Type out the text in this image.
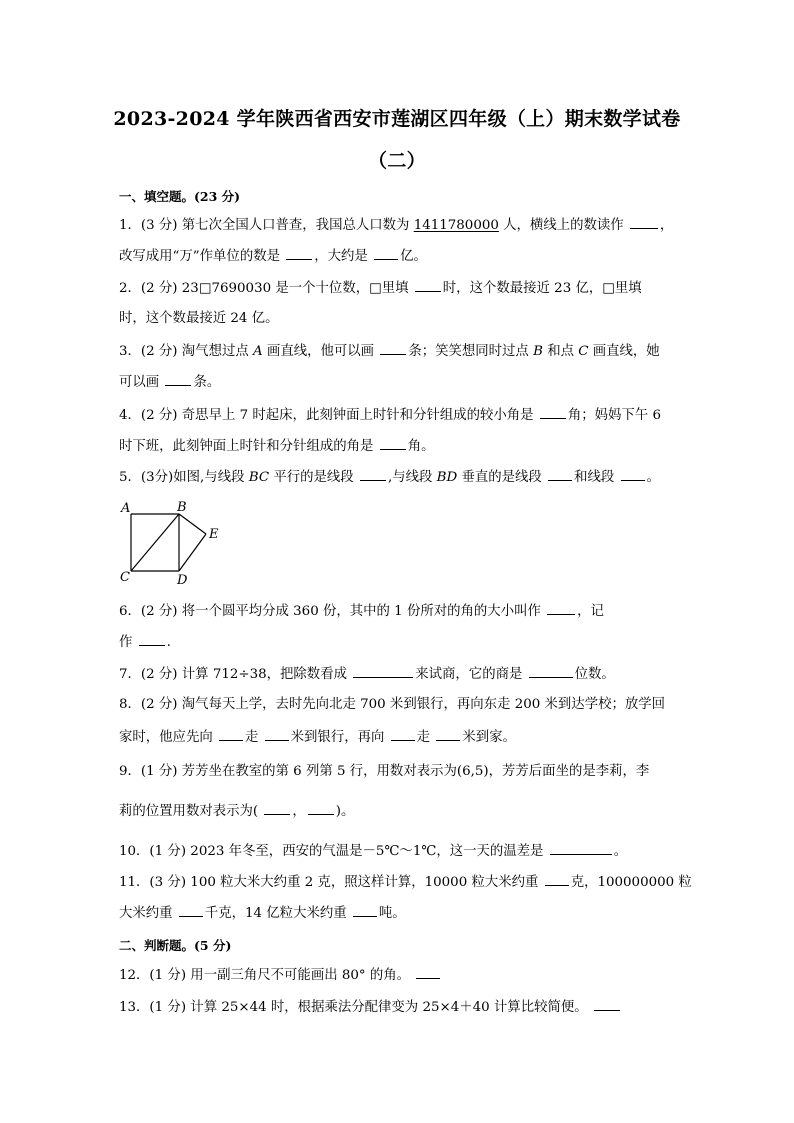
2023-2024 学年陕西省西安市莲湖区四年级（上）期末数学试卷
（二）
一、填空题。(23 分)
1．(3 分) 第七次全国人口普查，我国总人口数为 1411780000 人，横线上的数读作 ，
改写成用“万”作单位的数是 ，大约是 亿。
2．(2 分) 23□7690030 是一个十位数，□里填 时，这个数最接近 23 亿，□里填
时，这个数最接近 24 亿。
3．(2 分) 淘气想过点 A 画直线，他可以画 条；笑笑想同时过点 B 和点 C 画直线，她
可以画 条。
4．(2 分) 奇思早上 7 时起床，此刻钟面上时针和分针组成的较小角是 角；妈妈下午 6
时下班，此刻钟面上时针和分针组成的角是 角。
5．(3分)如图,与线段 BC 平行的是线段 ,与线段 BD 垂直的是线段 和线段 。
A	B
E
C	D
6．(2 分) 将一个圆平均分成 360 份，其中的 1 份所对的角的大小叫作 ，记
作 .
7．(2 分) 计算 712÷38，把除数看成	来试商，它的商是	位数。
8．(2 分) 淘气每天上学，去时先向北走 700 米到银行，再向东走 200 米到达学校；放学回
家时，他应先向 走 米到银行，再向 走 米到家。
9．(1 分) 芳芳坐在教室的第 6 列第 5 行，用数对表示为(6,5)，芳芳后面坐的是李莉，李
莉的位置用数对表示为( ， )。
10．(1 分) 2023 年冬至，西安的气温是－5℃～1℃，这一天的温差是	。
11．(3 分) 100 粒大米大约重 2 克，照这样计算，10000 粒大米约重 克，100000000 粒
大米约重 千克，14 亿粒大米约重 吨。
二、判断题。(5 分)
12．(1 分) 用一副三角尺不可能画出 80° 的角。
13．(1 分) 计算 25×44 时，根据乘法分配律变为 25×4＋40 计算比较简便。
